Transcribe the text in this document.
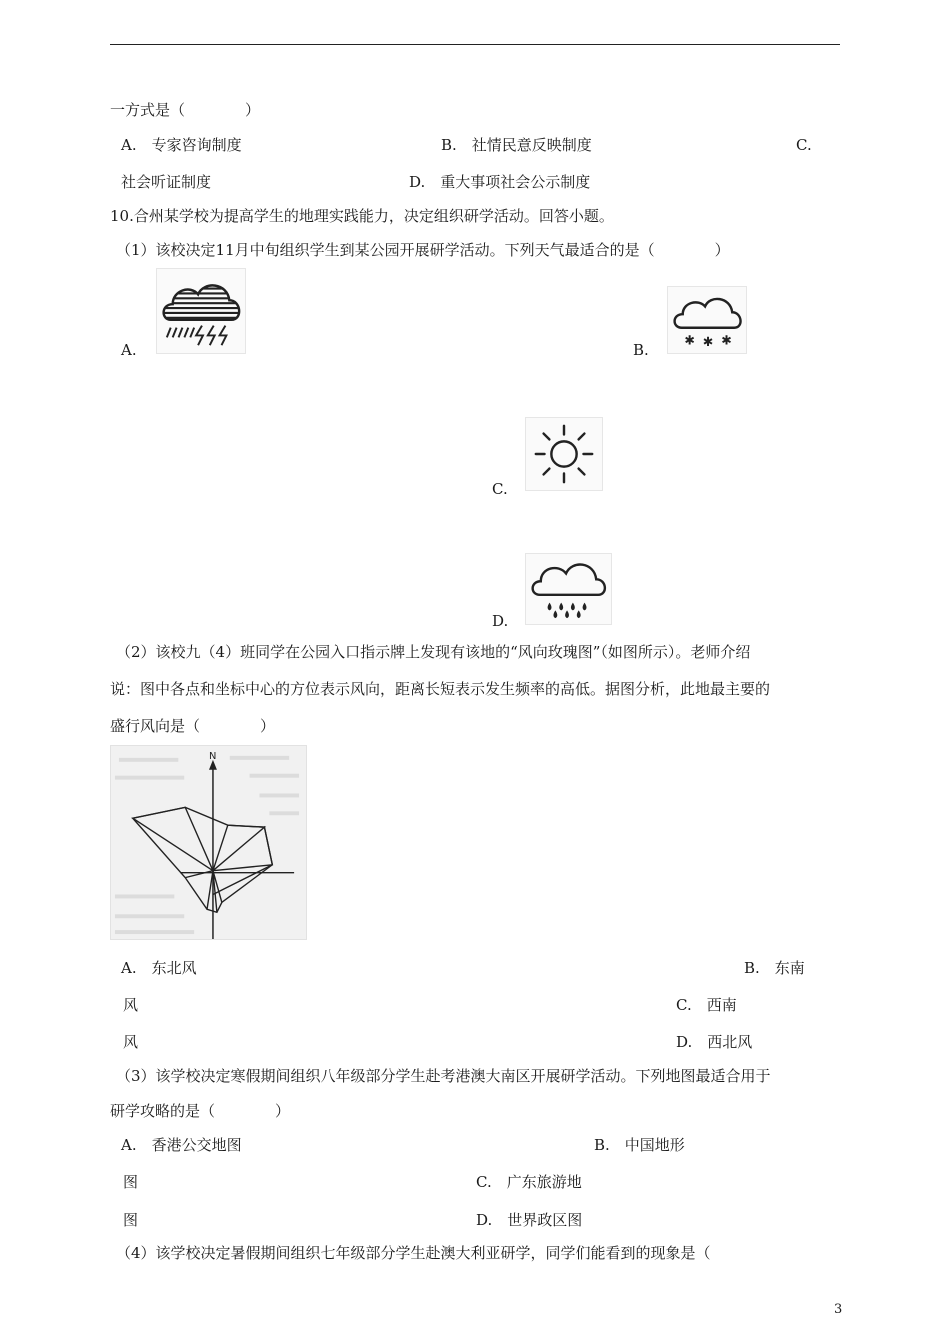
一方式是（　　　　）
A.　专家咨询制度	B.　社情民意反映制度	C.
社会听证制度	D.　重大事项社会公示制度
10.合州某学校为提高学生的地理实践能力，决定组织研学活动。回答小题。
（1）该校决定11月中旬组织学生到某公园开展研学活动。下列天气最适合的是（　　　　）
A.	B.
✱ ✱ ✱
C.
D.
（2）该校九（4）班同学在公园入口指示牌上发现有该地的“风向玫瑰图”（如图所示）。老师介绍
说：图中各点和坐标中心的方位表示风向，距离长短表示发生频率的高低。据图分析，此地最主要的
盛行风向是（　　　　）
N
A.　东北风	B.　东南
风	C.　西南
风	D.　西北风
（3）该学校决定寒假期间组织八年级部分学生赴考港澳大南区开展研学活动。下列地图最适合用于
研学攻略的是（　　　　）
A.　香港公交地图	B.　中国地形
图	C.　广东旅游地
图	D.　世界政区图
（4）该学校决定暑假期间组织七年级部分学生赴澳大利亚研学，同学们能看到的现象是（
3
